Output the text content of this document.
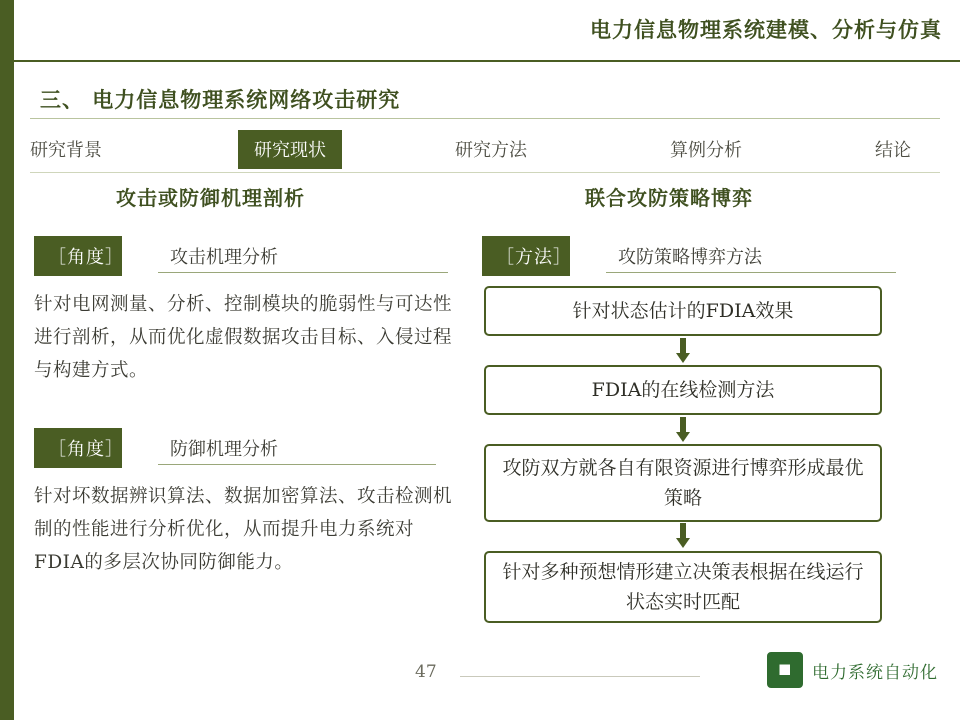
电力信息物理系统建模、分析与仿真
三、 电力信息物理系统网络攻击研究
研究背景	研究现状	研究方法	算例分析	结论
攻击或防御机理剖析
［角度］	攻击机理分析
针对电网测量、分析、控制模块的脆弱性与可达性进行剖析，从而优化虚假数据攻击目标、入侵过程与构建方式。
［角度］	防御机理分析
针对坏数据辨识算法、数据加密算法、攻击检测机制的性能进行分析优化，从而提升电力系统对FDIA的多层次协同防御能力。
联合攻防策略博弈
［方法］	攻防策略博弈方法
针对状态估计的FDIA效果
FDIA的在线检测方法
攻防双方就各自有限资源进行博弈形成最优策略
针对多种预想情形建立决策表根据在线运行状态实时匹配
47	电力系统自动化
